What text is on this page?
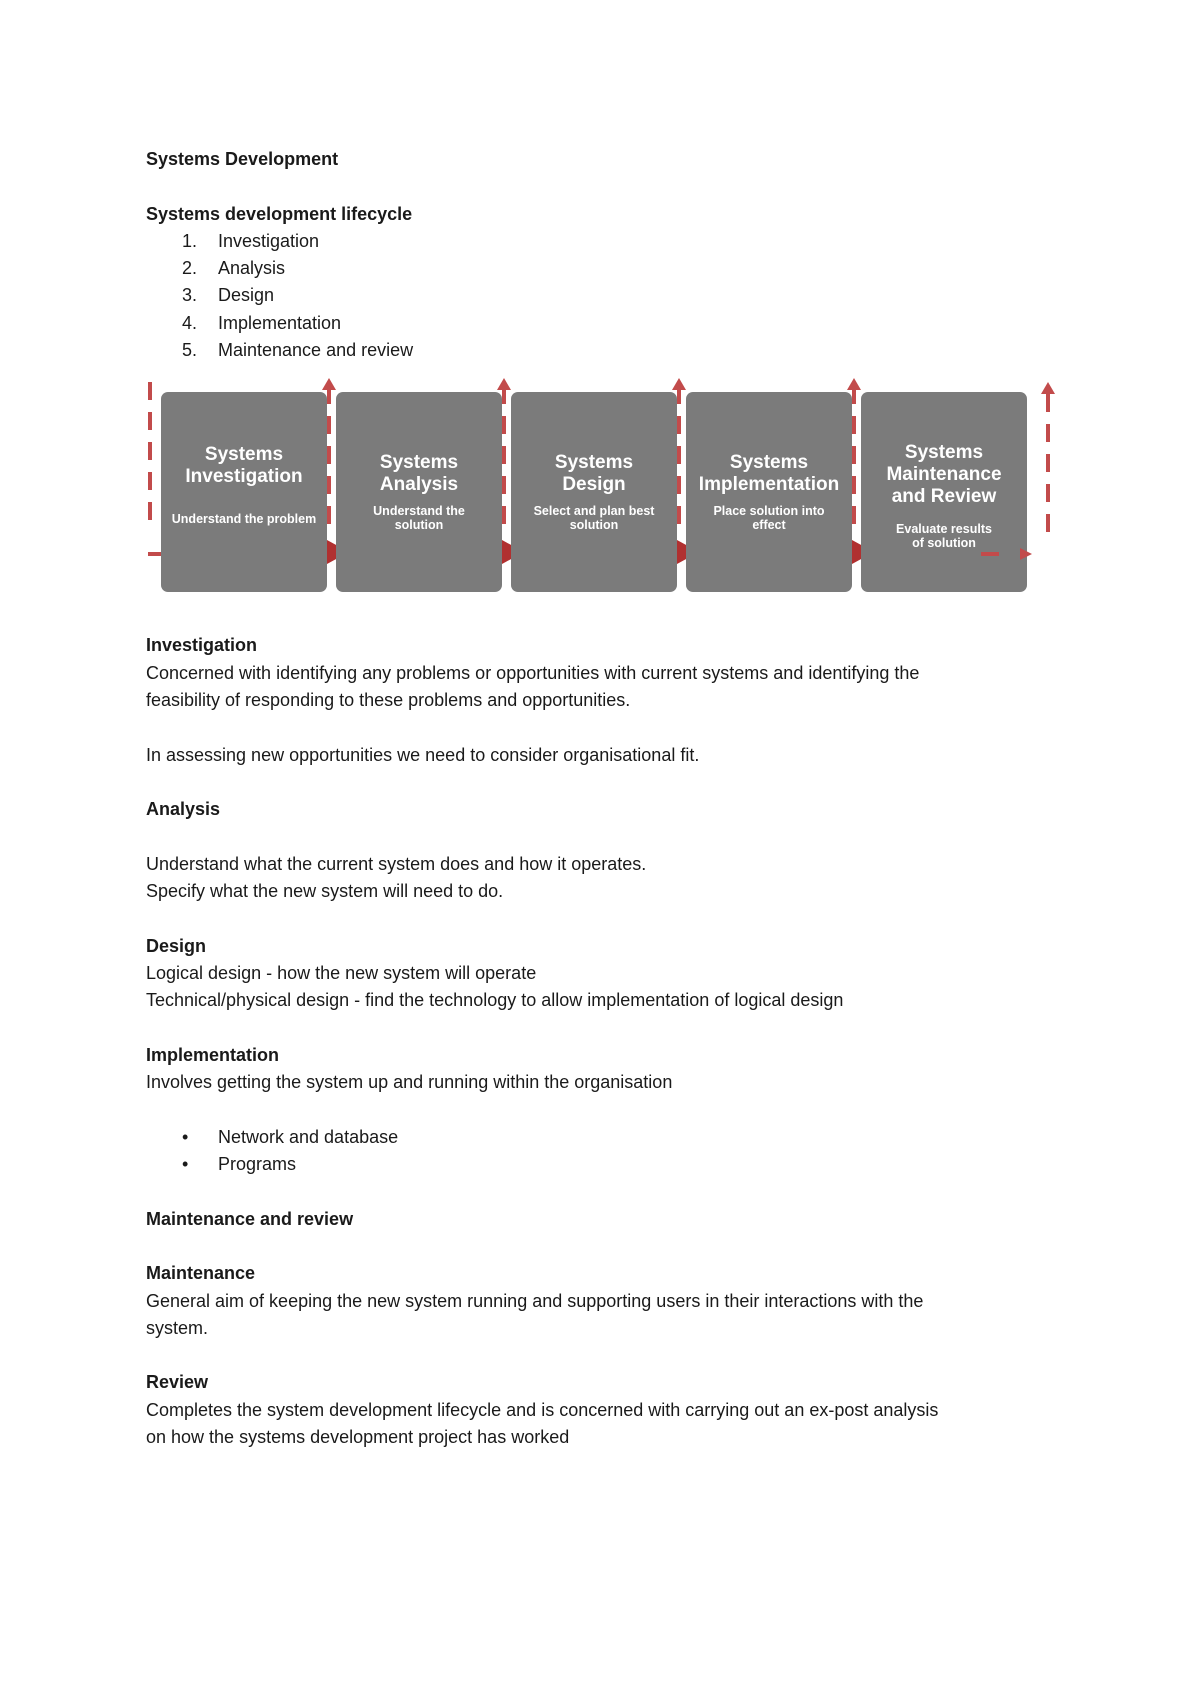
Systems Development

Systems development lifecycle

1. Investigation
2. Analysis
3. Design
4. Implementation
5. Maintenance and review
Systems Investigation
Understand the problem
Systems Analysis
Understand the solution
Systems Design
Select and plan best solution
Systems Implementation
Place solution into effect
Systems Maintenance and Review
Evaluate results of solution

Investigation

Concerned with identifying any problems or opportunities with current systems and identifying the

feasibility of responding to these problems and opportunities.

In assessing new opportunities we need to consider organisational fit.

Analysis

Understand what the current system does and how it operates.

Specify what the new system will need to do.

Design

Logical design - how the new system will operate

Technical/physical design - find the technology to allow implementation of logical design

Implementation

Involves getting the system up and running within the organisation

• Network and database
• Programs

Maintenance and review

Maintenance

General aim of keeping the new system running and supporting users in their interactions with the

system.

Review

Completes the system development lifecycle and is concerned with carrying out an ex-post analysis

on how the systems development project has worked
